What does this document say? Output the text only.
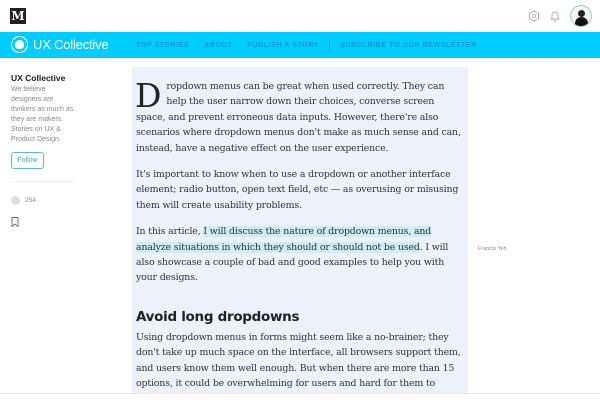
M
UX Collective	TOP STORIES ABOUT PUBLISH A STORY	SUBSCRIBE TO OUR NEWSLETTER
UX Collective
We believe designers are thinkers as much as they are makers. Stories on UX & Product Design.
Follow
254

Dropdown menus can be great when used correctly. They can help the user narrow down their choices, converse screen space, and prevent erroneous data inputs. However, there're also scenarios where dropdown menus don't make as much sense and can, instead, have a negative effect on the user experience.

It's important to know when to use a dropdown or another interface element; radio button, open text field, etc — as overusing or misusing them will create usability problems.

In this article, I will discuss the nature of dropdown menus, and analyze situations in which they should or should not be used. I will also showcase a couple of bad and good examples to help you with your designs.

Avoid long dropdowns

Using dropdown menus in forms might seem like a no-brainer; they don't take up much space on the interface, all browsers support them, and users know them well enough. But when there are more than 15 options, it could be overwhelming for users and hard for them to

Francis Yeh
